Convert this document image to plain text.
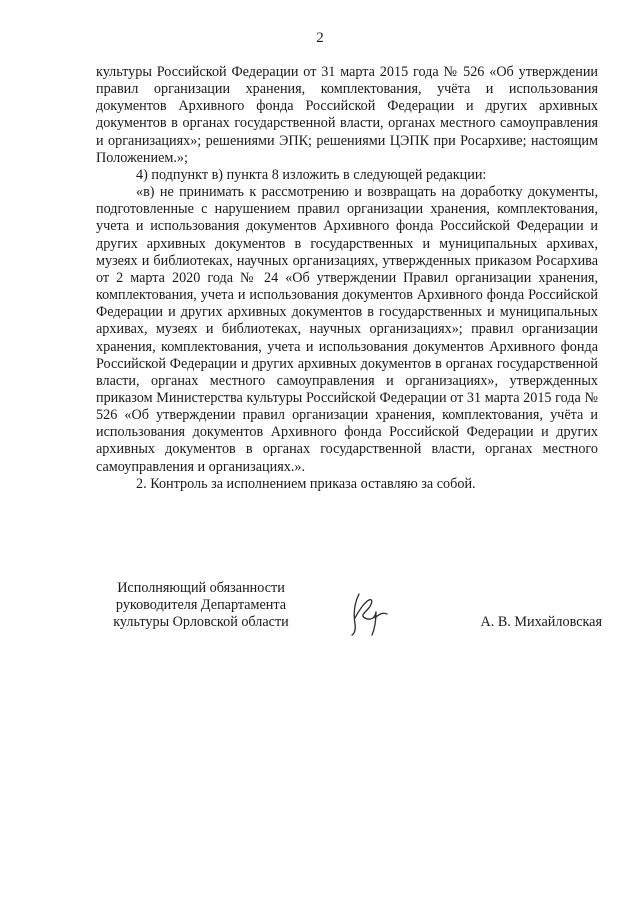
2

культуры Российской Федерации от 31 марта 2015 года № 526 «Об утверждении правил организации хранения, комплектования, учёта и использования документов Архивного фонда Российской Федерации и других архивных документов в органах государственной власти, органах местного самоуправления и организациях»; решениями ЭПК; решениями ЦЭПК при Росархиве; настоящим Положением.»;

4) подпункт в) пункта 8 изложить в следующей редакции:

«в) не принимать к рассмотрению и возвращать на доработку документы, подготовленные с нарушением правил организации хранения, комплектования, учета и использования документов Архивного фонда Российской Федерации и других архивных документов в государственных и муниципальных архивах, музеях и библиотеках, научных организациях, утвержденных приказом Росархива от 2 марта 2020 года № 24 «Об утверждении Правил организации хранения, комплектования, учета и использования документов Архивного фонда Российской Федерации и других архивных документов в государственных и муниципальных архивах, музеях и библиотеках, научных организациях»; правил организации хранения, комплектования, учета и использования документов Архивного фонда Российской Федерации и других архивных документов в органах государственной власти, органах местного самоуправления и организациях», утвержденных приказом Министерства культуры Российской Федерации от 31 марта 2015 года № 526 «Об утверждении правил организации хранения, комплектования, учёта и использования документов Архивного фонда Российской Федерации и других архивных документов в органах государственной власти, органах местного самоуправления и организациях.».

2. Контроль за исполнением приказа оставляю за собой.

Исполняющий обязанности
руководителя Департамента
культуры Орловской области	А. В. Михайловская
